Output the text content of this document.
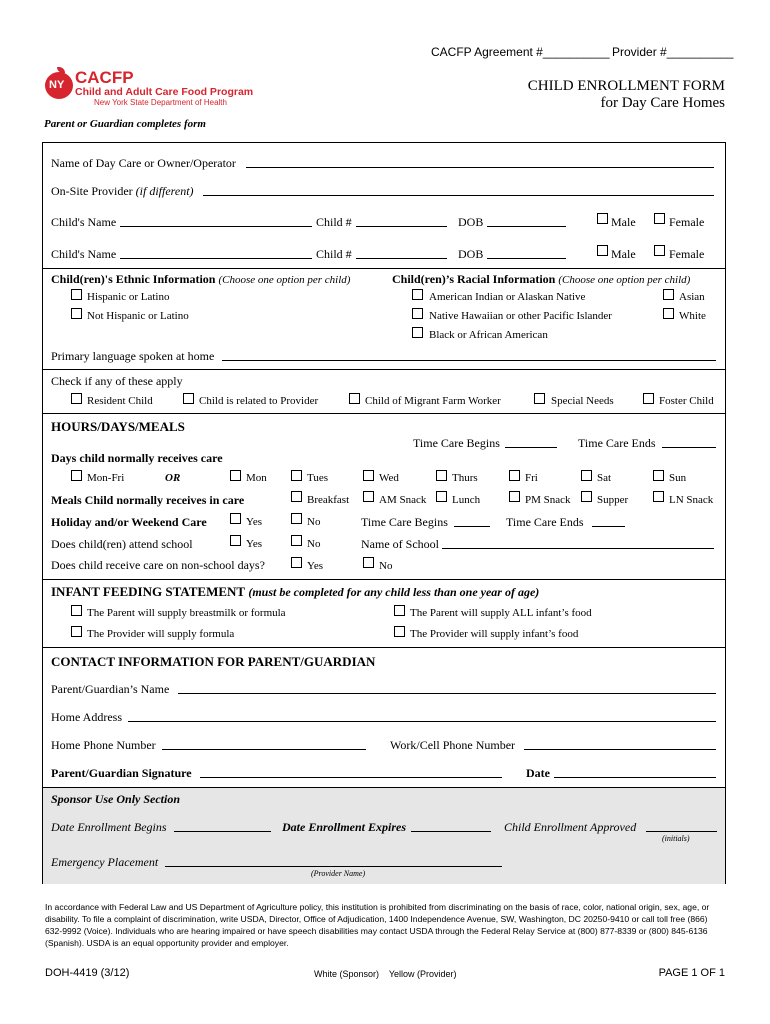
CACFP Agreement #__________ Provider #__________
NY CACFP
Child and Adult Care Food Program
New York State Department of Health
CHILD ENROLLMENT FORM
for Day Care Homes
Parent or Guardian completes form
Name of Day Care or Owner/Operator
On-Site Provider (if different)
Child's Name	Child #	DOB	Male	Female
Child's Name	Child #	DOB	Male	Female
Child(ren)'s Ethnic Information (Choose one option per child)
Hispanic or Latino
Not Hispanic or Latino
Child(ren)’s Racial Information (Choose one option per child)
American Indian or Alaskan Native
Native Hawaiian or other Pacific Islander
Black or African American
Asian
White
Primary language spoken at home
Check if any of these apply
Resident Child	Child is related to Provider	Child of Migrant Farm Worker	Special Needs	Foster Child
HOURS/DAYS/MEALS
Time Care Begins	Time Care Ends
Days child normally receives care
Mon-Fri	OR	Mon	Tues	Wed	Thurs	Fri	Sat	Sun
Meals Child normally receives in care	Breakfast	AM Snack Lunch	PM Snack Supper	LN Snack
Holiday and/or Weekend Care	Yes	No	Time Care Begins	Time Care Ends
Does child(ren) attend school	Yes	No	Name of School
Does child receive care on non-school days?	Yes	No
INFANT FEEDING STATEMENT (must be completed for any child less than one year of age)
The Parent will supply breastmilk or formula	The Parent will supply ALL infant’s food
The Provider will supply formula	The Provider will supply infant’s food
CONTACT INFORMATION FOR PARENT/GUARDIAN
Parent/Guardian’s Name
Home Address
Home Phone Number	Work/Cell Phone Number
Parent/Guardian Signature	Date
Sponsor Use Only Section
Date Enrollment Begins	Date Enrollment Expires	Child Enrollment Approved
(initials)
Emergency Placement
(Provider Name)
In accordance with Federal Law and US Department of Agriculture policy, this institution is prohibited from discriminating on the basis of race, color, national origin, sex, age, or disability. To file a complaint of discrimination, write USDA, Director, Office of Adjudication, 1400 Independence Avenue, SW, Washington, DC 20250-9410 or call toll free (866) 632-9992 (Voice). Individuals who are hearing impaired or have speech disabilities may contact USDA through the Federal Relay Service at (800) 877-8339 or (800) 845-6136 (Spanish). USDA is an equal opportunity provider and employer.
DOH-4419 (3/12)	White (Sponsor)    Yellow (Provider)	PAGE 1 OF 1
